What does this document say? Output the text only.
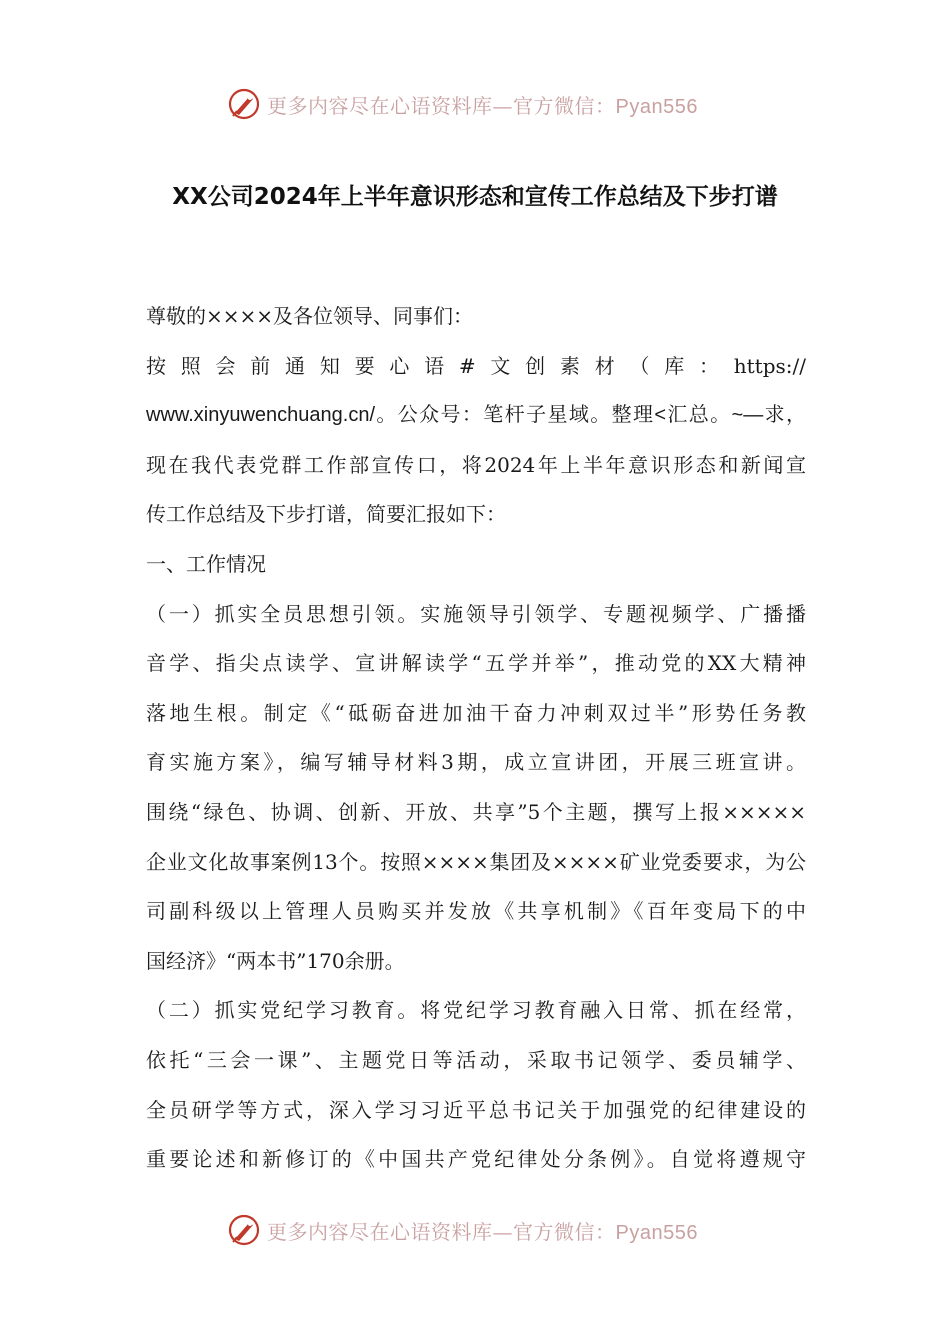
更多内容尽在心语资料库—官方微信：Pyan556
XX公司2024年上半年意识形态和宣传工作总结及下步打谱
尊敬的××××及各位领导、同事们：
按照会前通知要心语#文创素材（库：https://
www.xinyuwenchuang.cn/。公众号：笔杆子星域。整理<汇总。~—求，
现在我代表党群工作部宣传口，将2024年上半年意识形态和新闻宣
传工作总结及下步打谱，简要汇报如下：
一、工作情况
（一）抓实全员思想引领。实施领导引领学、专题视频学、广播播
音学、指尖点读学、宣讲解读学“五学并举”，推动党的XX大精神
落地生根。制定《“砥砺奋进加油干奋力冲刺双过半”形势任务教
育实施方案》，编写辅导材料3期，成立宣讲团，开展三班宣讲。
围绕“绿色、协调、创新、开放、共享”5个主题，撰写上报×××××
企业文化故事案例13个。按照××××集团及××××矿业党委要求，为公
司副科级以上管理人员购买并发放《共享机制》《百年变局下的中
国经济》“两本书”170余册。
（二）抓实党纪学习教育。将党纪学习教育融入日常、抓在经常，
依托“三会一课”、主题党日等活动，采取书记领学、委员辅学、
全员研学等方式，深入学习习近平总书记关于加强党的纪律建设的
重要论述和新修订的《中国共产党纪律处分条例》。自觉将遵规守
更多内容尽在心语资料库—官方微信：Pyan556
